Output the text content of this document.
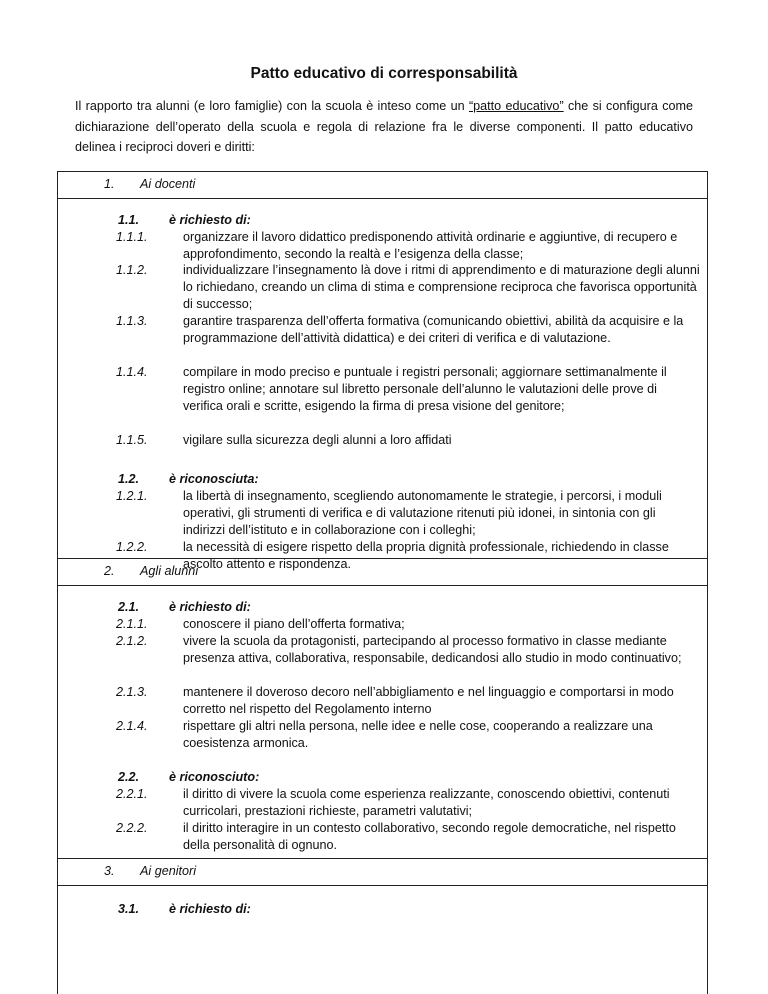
Patto educativo di corresponsabilità

Il rapporto tra alunni (e loro famiglie) con la scuola è inteso come un “patto educativo” che si configura come dichiarazione dell’operato della scuola e regola di relazione fra le diverse componenti. Il patto educativo delinea i reciproci doveri e diritti:

1. Ai docenti
1.1. è richiesto di:
1.1.1.	organizzare il lavoro didattico predisponendo attività ordinarie e aggiuntive, di recupero e approfondimento, secondo la realtà e l’esigenza della classe;
1.1.2.	individualizzare l’insegnamento là dove i ritmi di apprendimento e di maturazione degli alunni lo richiedano, creando un clima di stima e comprensione reciproca che favorisca opportunità di successo;
1.1.3.	garantire trasparenza dell’offerta formativa (comunicando obiettivi, abilità da acquisire e la programmazione dell’attività didattica) e dei criteri di verifica e di valutazione.
1.1.4.	compilare in modo preciso e puntuale i registri personali; aggiornare settimanalmente il registro online; annotare sul libretto personale dell’alunno le valutazioni delle prove di verifica orali e scritte, esigendo la firma di presa visione del genitore;
1.1.5.	vigilare sulla sicurezza degli alunni a loro affidati
1.2. è riconosciuta:
1.2.1.	la libertà di insegnamento, scegliendo autonomamente le strategie, i percorsi, i moduli operativi, gli strumenti di verifica e di valutazione ritenuti più idonei, in sintonia con gli indirizzi dell’istituto e in collaborazione con i colleghi;
1.2.2.	la necessità di esigere rispetto della propria dignità professionale, richiedendo in classe ascolto attento e rispondenza.
2. Agli alunni
2.1. è richiesto di:
2.1.1.	conoscere il piano dell’offerta formativa;
2.1.2.	vivere la scuola da protagonisti, partecipando al processo formativo in classe mediante presenza attiva, collaborativa, responsabile, dedicandosi allo studio in modo continuativo;
2.1.3.	mantenere il doveroso decoro nell’abbigliamento e nel linguaggio e comportarsi in modo corretto nel rispetto del Regolamento interno
2.1.4.	rispettare gli altri nella persona, nelle idee e nelle cose, cooperando a realizzare una coesistenza armonica.
2.2. è riconosciuto:
2.2.1.	il diritto di vivere la scuola come esperienza realizzante, conoscendo obiettivi, contenuti curricolari, prestazioni richieste, parametri valutativi;
2.2.2.	il diritto interagire in un contesto collaborativo, secondo regole democratiche, nel rispetto della personalità di ognuno.
3. Ai genitori
3.1. è richiesto di:
